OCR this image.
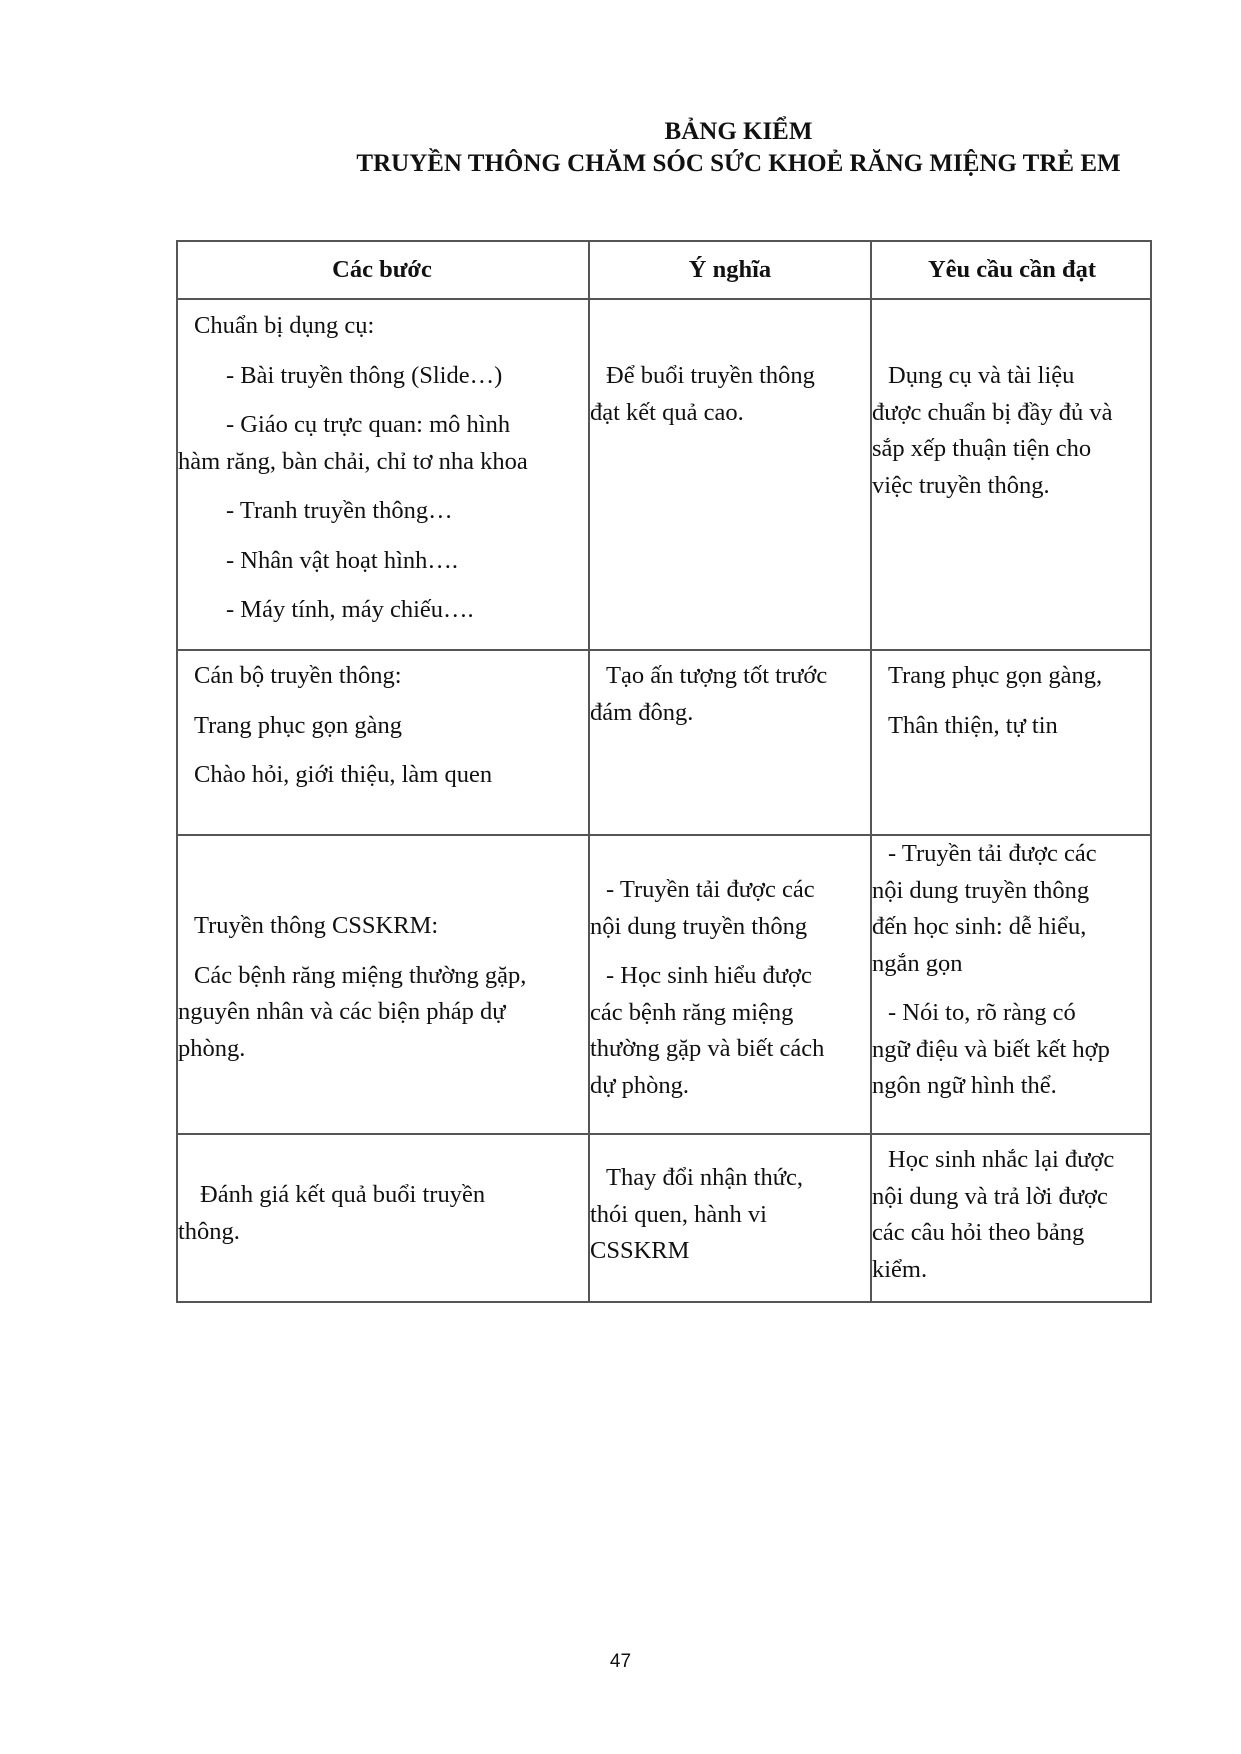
BẢNG KIỂM
TRUYỀN THÔNG CHĂM SÓC SỨC KHOẺ RĂNG MIỆNG TRẺ EM
Các bước	Ý nghĩa	Yêu cầu cần đạt
Chuẩn bị dụng cụ:
- Bài truyền thông (Slide…)
- Giáo cụ trực quan: mô hình
hàm răng, bàn chải, chỉ tơ nha khoa
- Tranh truyền thông…
- Nhân vật hoạt hình….
- Máy tính, máy chiếu….
Để buổi truyền thông
đạt kết quả cao.
Dụng cụ và tài liệu
được chuẩn bị đầy đủ và
sắp xếp thuận tiện cho
việc truyền thông.
Cán bộ truyền thông:
Trang phục gọn gàng
Chào hỏi, giới thiệu, làm quen
Tạo ấn tượng tốt trước
đám đông.
Trang phục gọn gàng,
Thân thiện, tự tin
Truyền thông CSSKRM:
Các bệnh răng miệng thường gặp,
nguyên nhân và các biện pháp dự
phòng.
- Truyền tải được các
nội dung truyền thông
- Học sinh hiểu được
các bệnh răng miệng
thường gặp và biết cách
dự phòng.
- Truyền tải được các
nội dung truyền thông
đến học sinh: dễ hiểu,
ngắn gọn
- Nói to, rõ ràng có
ngữ điệu và biết kết hợp
ngôn ngữ hình thể.
Đánh giá kết quả buổi truyền
thông.
Thay đổi nhận thức,
thói quen, hành vi
CSSKRM
Học sinh nhắc lại được
nội dung và trả lời được
các câu hỏi theo bảng
kiểm.
47
